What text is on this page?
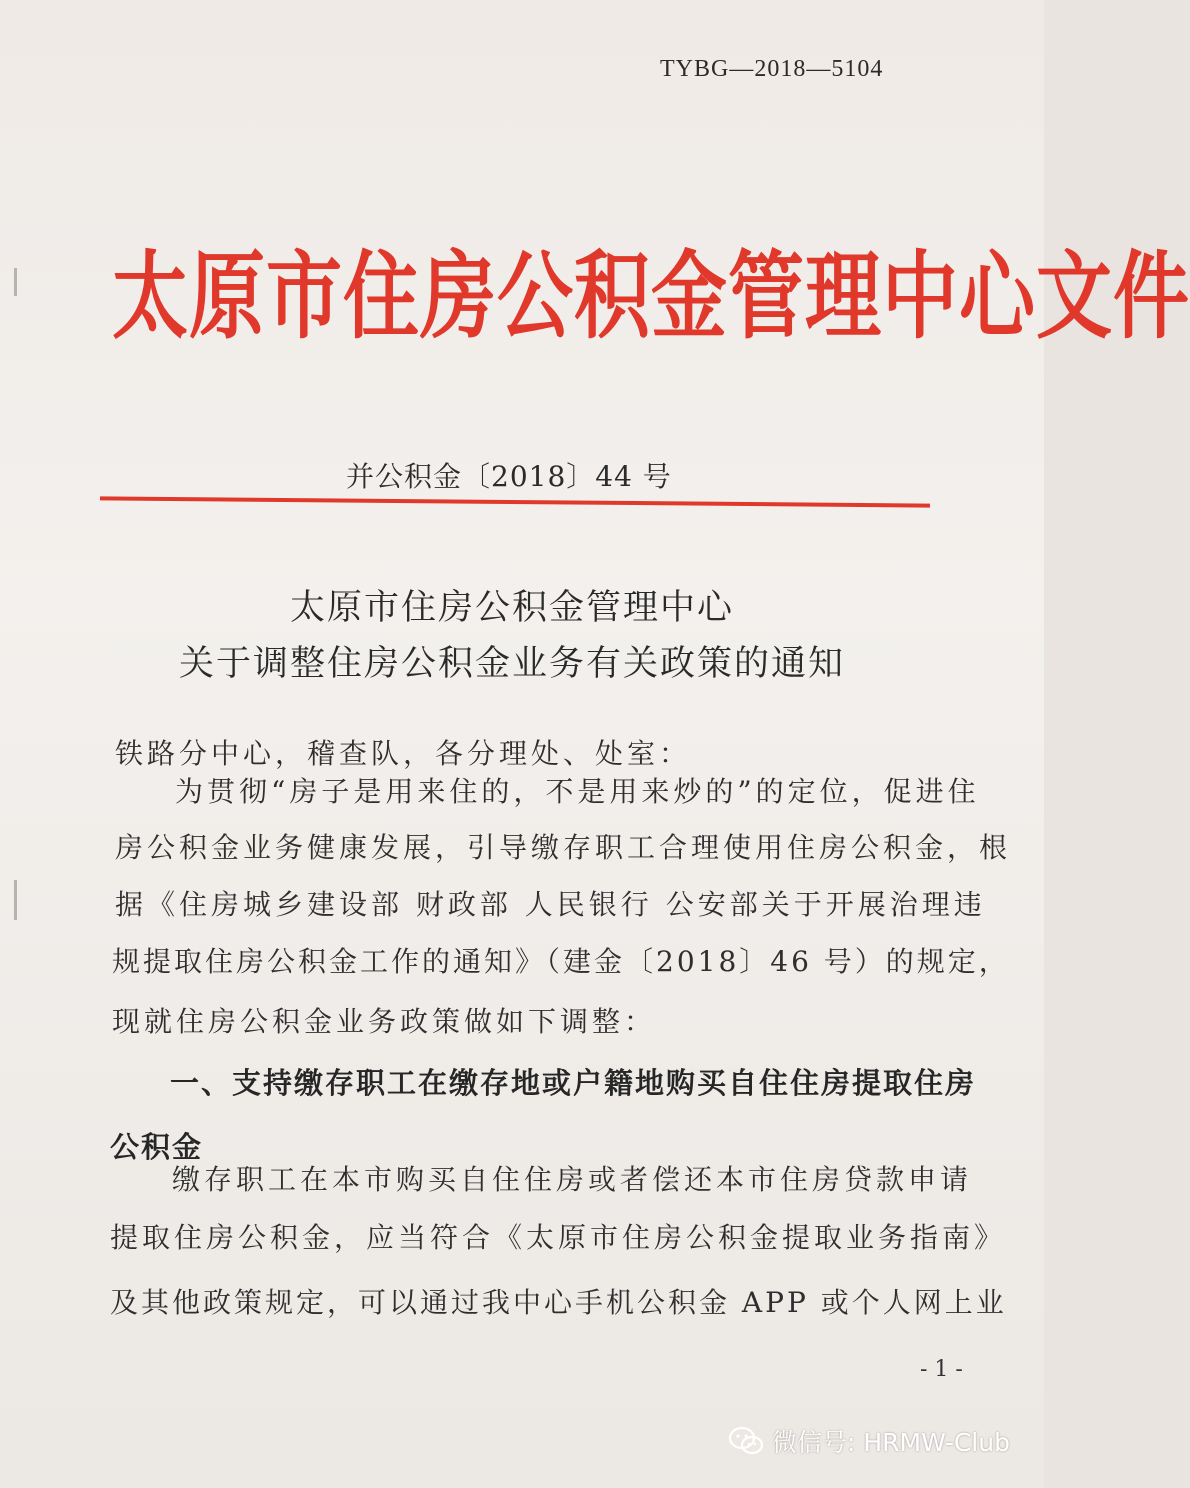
TYBG—2018—5104
太原市住房公积金管理中心文件
并公积金〔2018〕44 号
太原市住房公积金管理中心
关于调整住房公积金业务有关政策的通知
铁路分中心，稽查队，各分理处、处室：
为贯彻“房子是用来住的，不是用来炒的”的定位，促进住
房公积金业务健康发展，引导缴存职工合理使用住房公积金，根
据《住房城乡建设部 财政部 人民银行 公安部关于开展治理违
规提取住房公积金工作的通知》（建金〔2018〕46 号）的规定，
现就住房公积金业务政策做如下调整：
一、支持缴存职工在缴存地或户籍地购买自住住房提取住房
公积金
缴存职工在本市购买自住住房或者偿还本市住房贷款申请
提取住房公积金，应当符合《太原市住房公积金提取业务指南》
及其他政策规定，可以通过我中心手机公积金 APP 或个人网上业
- 1 -
微信号: HRMW-Club
